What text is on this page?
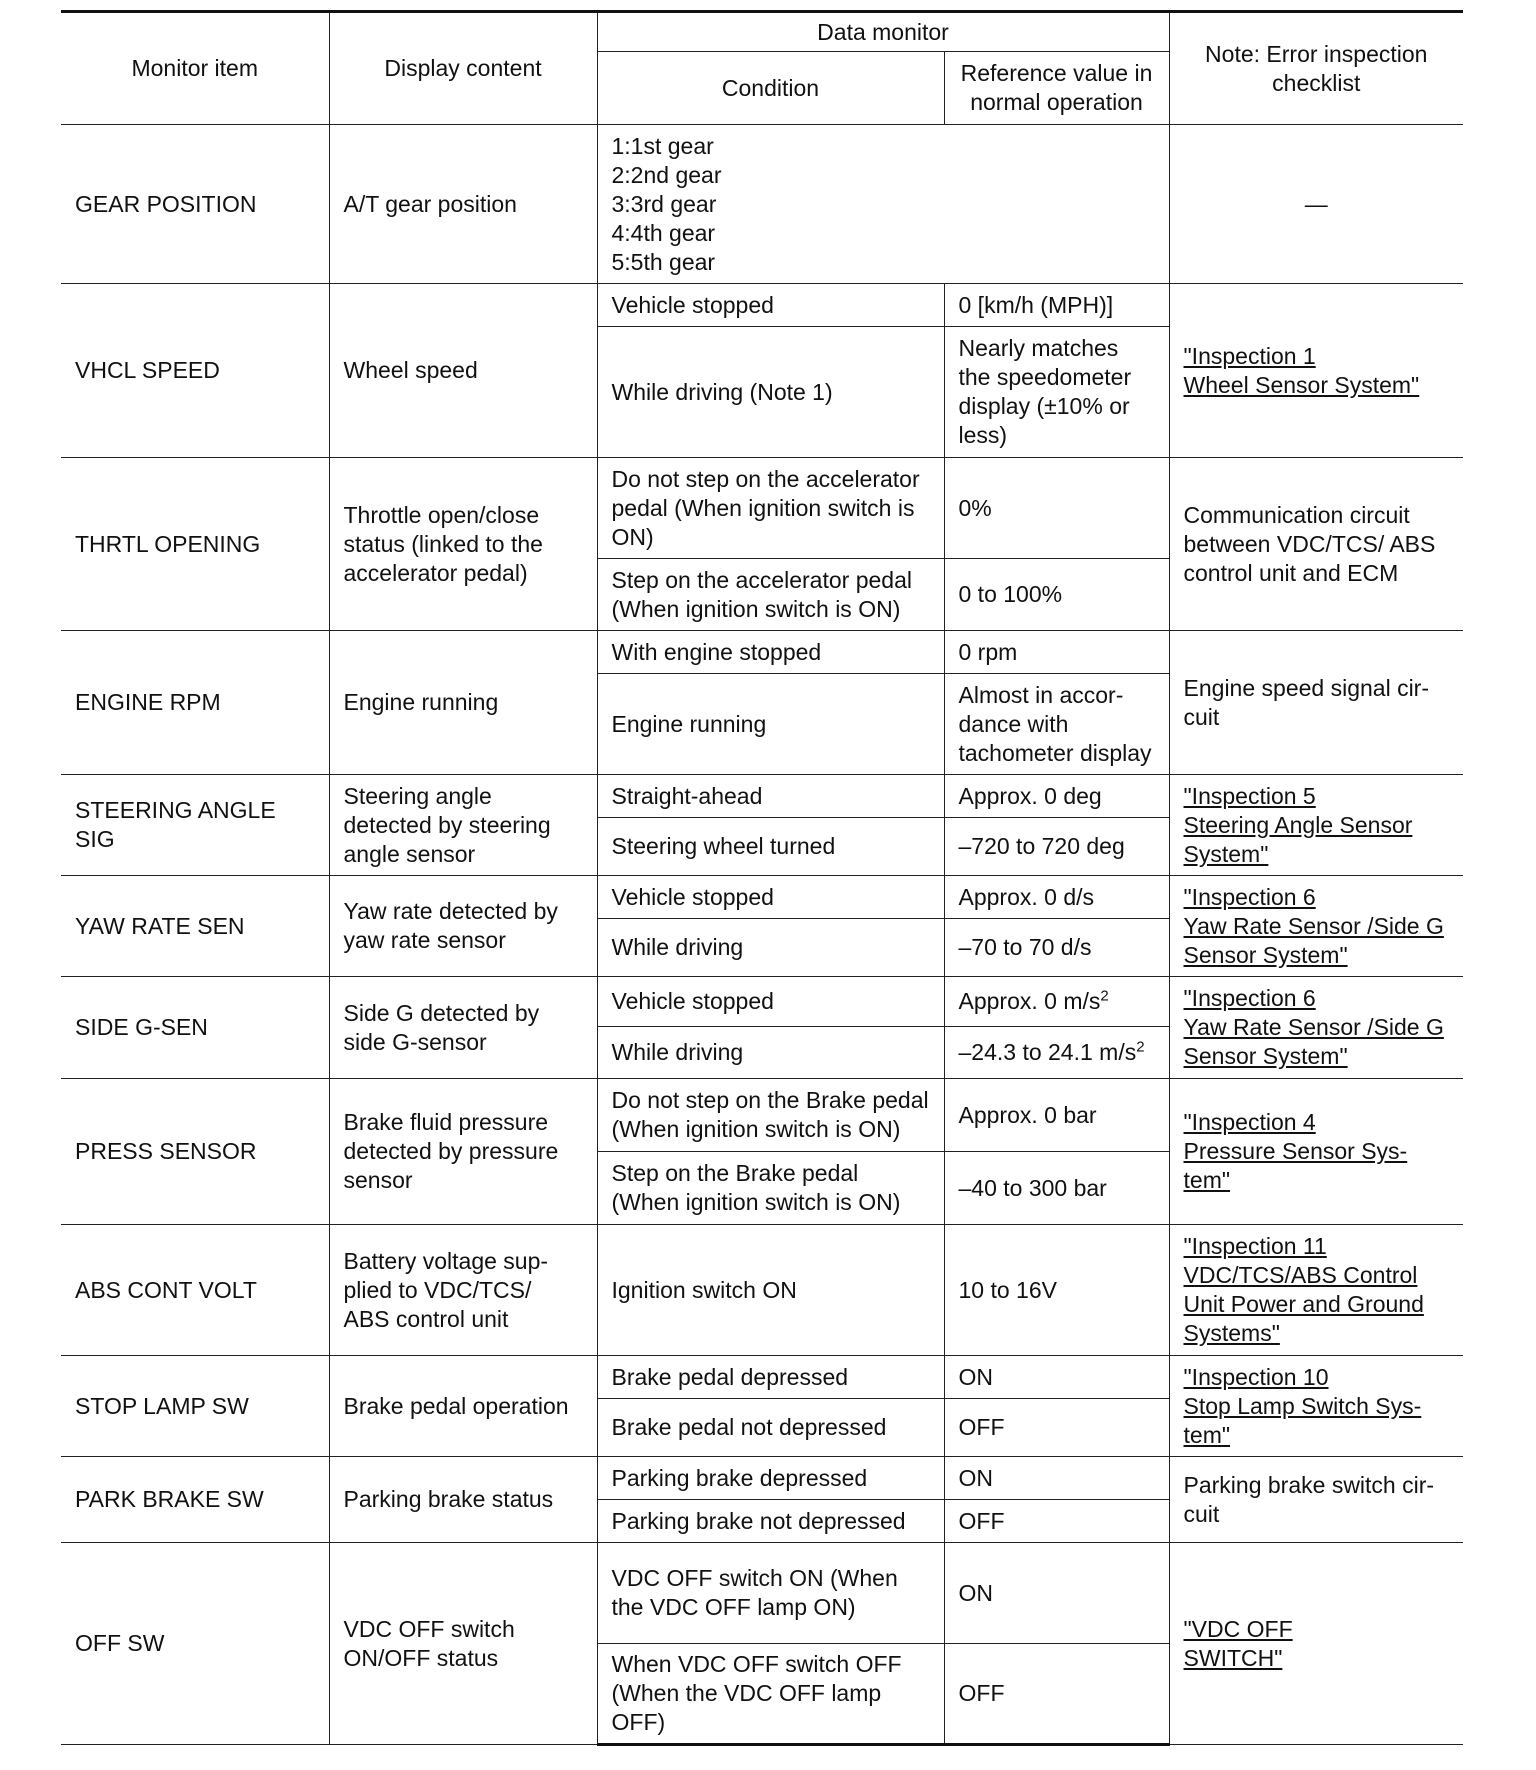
Monitor item	Display content	Data monitor		Note: Error inspection checklist
		Condition	Reference value in normal operation	
GEAR POSITION	A/T gear position	1:1st gear
2:2nd gear
3:3rd gear
4:4th gear
5:5th gear		—
VHCL SPEED	Wheel speed	Vehicle stopped	0 [km/h (MPH)]	"Inspection 1
Wheel Sensor System"
		While driving (Note 1)	Nearly matches the speedometer display (±10% or less)	
THRTL OPENING	Throttle open/close status (linked to the accelerator pedal)	Do not step on the accelerator pedal (When ignition switch is ON)	0%	Communication circuit between VDC/TCS/ ABS control unit and ECM
		Step on the accelerator pedal (When ignition switch is ON)	0 to 100%	
ENGINE RPM	Engine running	With engine stopped	0 rpm	Engine speed signal cir-cuit
		Engine running	Almost in accor-dance with tachometer display	
STEERING ANGLE SIG	Steering angle detected by steering angle sensor	Straight-ahead	Approx. 0 deg	"Inspection 5
Steering Angle Sensor System"
		Steering wheel turned	–720 to 720 deg	
YAW RATE SEN	Yaw rate detected by yaw rate sensor	Vehicle stopped	Approx. 0 d/s	"Inspection 6
Yaw Rate Sensor /Side G Sensor System"
		While driving	–70 to 70 d/s	
SIDE G-SEN	Side G detected by side G-sensor	Vehicle stopped	Approx. 0 $m/s^2$	"Inspection 6
Yaw Rate Sensor /Side G Sensor System"
		While driving	–24.3 to 24.1 $m/s^2$
PRESS SENSOR	Brake fluid pressure detected by pressure sensor	Do not step on the Brake pedal (When ignition switch is ON)	Approx. 0 bar	"Inspection 4
Pressure Sensor Sys-tem"
		Step on the Brake pedal (When ignition switch is ON)	–40 to 300 bar	
ABS CONT VOLT	Battery voltage sup-plied to VDC/TCS/ ABS control unit	Ignition switch ON	10 to 16V	"Inspection 11
VDC/TCS/ABS Control Unit Power and Ground Systems"
STOP LAMP SW	Brake pedal operation	Brake pedal depressed	ON	"Inspection 10
Stop Lamp Switch Sys-tem"
		Brake pedal not depressed	OFF	
PARK BRAKE SW	Parking brake status	Parking brake depressed	ON	Parking brake switch cir-cuit
		Parking brake not depressed	OFF	
OFF SW	VDC OFF switch ON/OFF status	VDC OFF switch ON (When the VDC OFF lamp ON)	ON	"VDC OFF
SWITCH"
		When VDC OFF switch OFF (When the VDC OFF lamp OFF)	OFF	
